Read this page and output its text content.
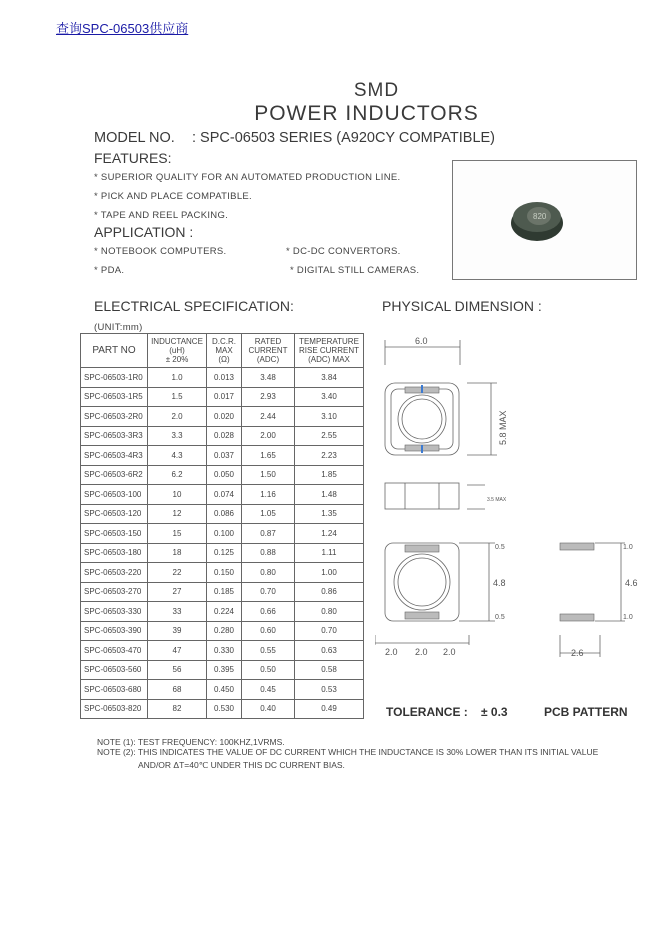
查询SPC-06503供应商
SMD
POWER INDUCTORS
MODEL NO. : SPC-06503 SERIES (A920CY COMPATIBLE)
FEATURES:
* SUPERIOR QUALITY FOR AN AUTOMATED PRODUCTION LINE.
* PICK AND PLACE COMPATIBLE.
* TAPE AND REEL PACKING.
APPLICATION :
* NOTEBOOK COMPUTERS.	* DC-DC CONVERTORS.
* PDA.	* DIGITAL STILL CAMERAS.
820
ELECTRICAL SPECIFICATION:	PHYSICAL DIMENSION :
(UNIT:mm)
PART NO	INDUCTANCE
(uH)
± 20%	D.C.R.
MAX
(Ω)	RATED
CURRENT
(ADC)	TEMPERATURE
RISE CURRENT
(ADC) MAX
SPC-06503-1R0	1.0	0.013	3.48	3.84
SPC-06503-1R5	1.5	0.017	2.93	3.40
SPC-06503-2R0	2.0	0.020	2.44	3.10
SPC-06503-3R3	3.3	0.028	2.00	2.55
SPC-06503-4R3	4.3	0.037	1.65	2.23
SPC-06503-6R2	6.2	0.050	1.50	1.85
SPC-06503-100	10	0.074	1.16	1.48
SPC-06503-120	12	0.086	1.05	1.35
SPC-06503-150	15	0.100	0.87	1.24
SPC-06503-180	18	0.125	0.88	1.11
SPC-06503-220	22	0.150	0.80	1.00
SPC-06503-270	27	0.185	0.70	0.86
SPC-06503-330	33	0.224	0.66	0.80
SPC-06503-390	39	0.280	0.60	0.70
SPC-06503-470	47	0.330	0.55	0.63
SPC-06503-560	56	0.395	0.50	0.58
SPC-06503-680	68	0.450	0.45	0.53
SPC-06503-820	82	0.530	0.40	0.49
6.0
5.8 MAX
3.5 MAX
0.5
4.8
0.5
2.0 2.0 2.0
1.0
4.6
1.0
2.6
TOLERANCE : ± 0.3	PCB PATTERN
NOTE (1): TEST FREQUENCY: 100KHZ,1VRMS.
NOTE (2): THIS INDICATES THE VALUE OF DC CURRENT WHICH THE INDUCTANCE IS 30% LOWER THAN ITS INITIAL VALUE
AND/OR ΔT=40℃ UNDER THIS DC CURRENT BIAS.
